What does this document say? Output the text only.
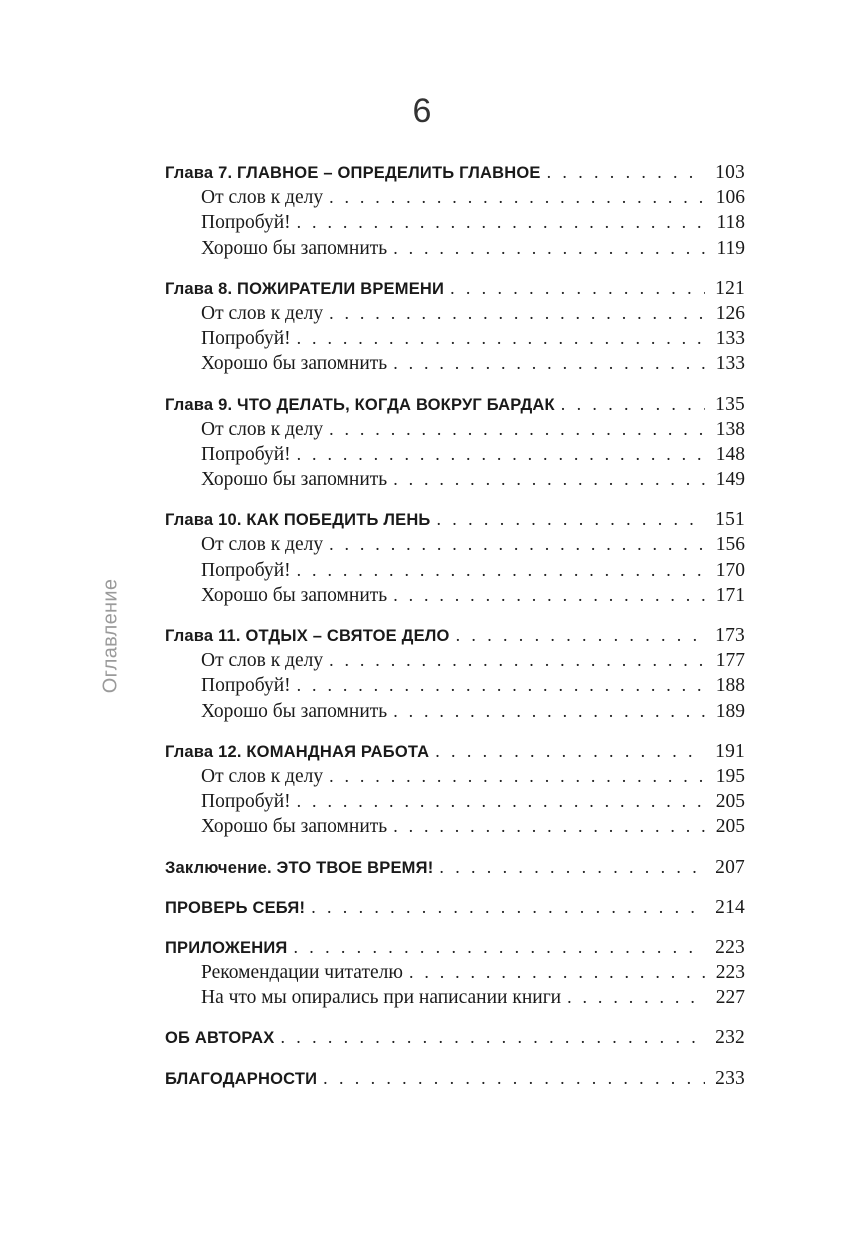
6
Оглавление
Глава 7. ГЛАВНОЕ – ОПРЕДЕЛИТЬ ГЛАВНОЕ . . .	103
От слов к делу . . .	106
Попробуй! . . .	118
Хорошо бы запомнить . . .	119
Глава 8. ПОЖИРАТЕЛИ ВРЕМЕНИ . . .	121
От слов к делу . . .	126
Попробуй! . . .	133
Хорошо бы запомнить . . .	133
Глава 9. ЧТО ДЕЛАТЬ, КОГДА ВОКРУГ БАРДАК . . .	135
От слов к делу . . .	138
Попробуй! . . .	148
Хорошо бы запомнить . . .	149
Глава 10. КАК ПОБЕДИТЬ ЛЕНЬ . . .	151
От слов к делу . . .	156
Попробуй! . . .	170
Хорошо бы запомнить . . .	171
Глава 11. ОТДЫХ – СВЯТОЕ ДЕЛО . . .	173
От слов к делу . . .	177
Попробуй! . . .	188
Хорошо бы запомнить . . .	189
Глава 12. КОМАНДНАЯ РАБОТА . . .	191
От слов к делу . . .	195
Попробуй! . . .	205
Хорошо бы запомнить . . .	205
Заключение. ЭТО ТВОЕ ВРЕМЯ! . . .	207
ПРОВЕРЬ СЕБЯ! . . .	214
ПРИЛОЖЕНИЯ . . .	223
Рекомендации читателю . . .	223
На что мы опирались при написании книги . . .	227
ОБ АВТОРАХ . . .	232
БЛАГОДАРНОСТИ . . .	233
